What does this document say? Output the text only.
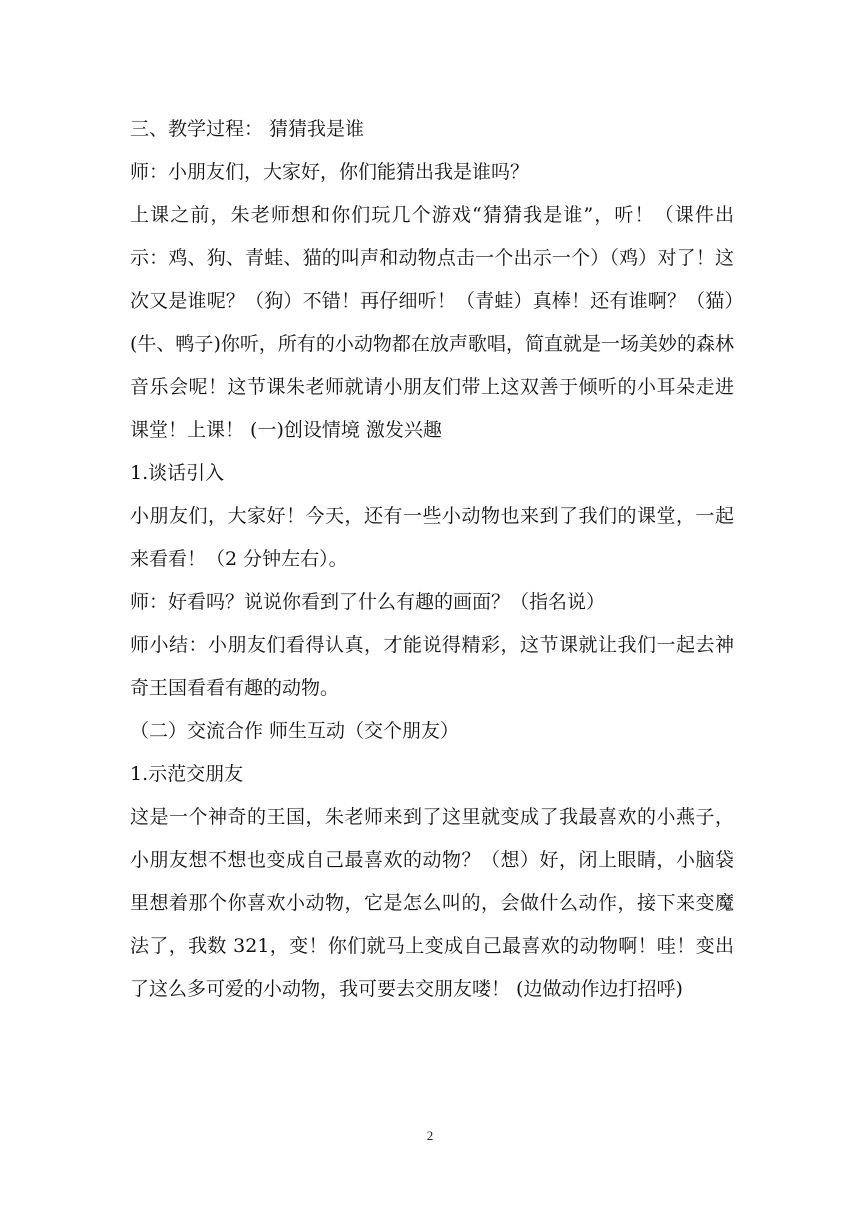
三、教学过程： 猜猜我是谁

师：小朋友们，大家好，你们能猜出我是谁吗？

上课之前，朱老师想和你们玩几个游戏“猜猜我是谁”，听！（课件出示：鸡、狗、青蛙、猫的叫声和动物点击一个出示一个）（鸡）对了！这次又是谁呢？（狗）不错！再仔细听！（青蛙）真棒！还有谁啊？（猫）(牛、鸭子)你听，所有的小动物都在放声歌唱，简直就是一场美妙的森林音乐会呢！这节课朱老师就请小朋友们带上这双善于倾听的小耳朵走进课堂！上课！ (一)创设情境 激发兴趣

1.谈话引入

小朋友们，大家好！今天，还有一些小动物也来到了我们的课堂，一起来看看！（2 分钟左右）。

师：好看吗？说说你看到了什么有趣的画面？（指名说）

师小结：小朋友们看得认真，才能说得精彩，这节课就让我们一起去神奇王国看看有趣的动物。

（二）交流合作 师生互动（交个朋友）

1.示范交朋友

这是一个神奇的王国，朱老师来到了这里就变成了我最喜欢的小燕子，小朋友想不想也变成自己最喜欢的动物？（想）好，闭上眼睛，小脑袋里想着那个你喜欢小动物，它是怎么叫的，会做什么动作，接下来变魔法了，我数 321，变！你们就马上变成自己最喜欢的动物啊！哇！变出了这么多可爱的小动物，我可要去交朋友喽！ (边做动作边打招呼)

2
